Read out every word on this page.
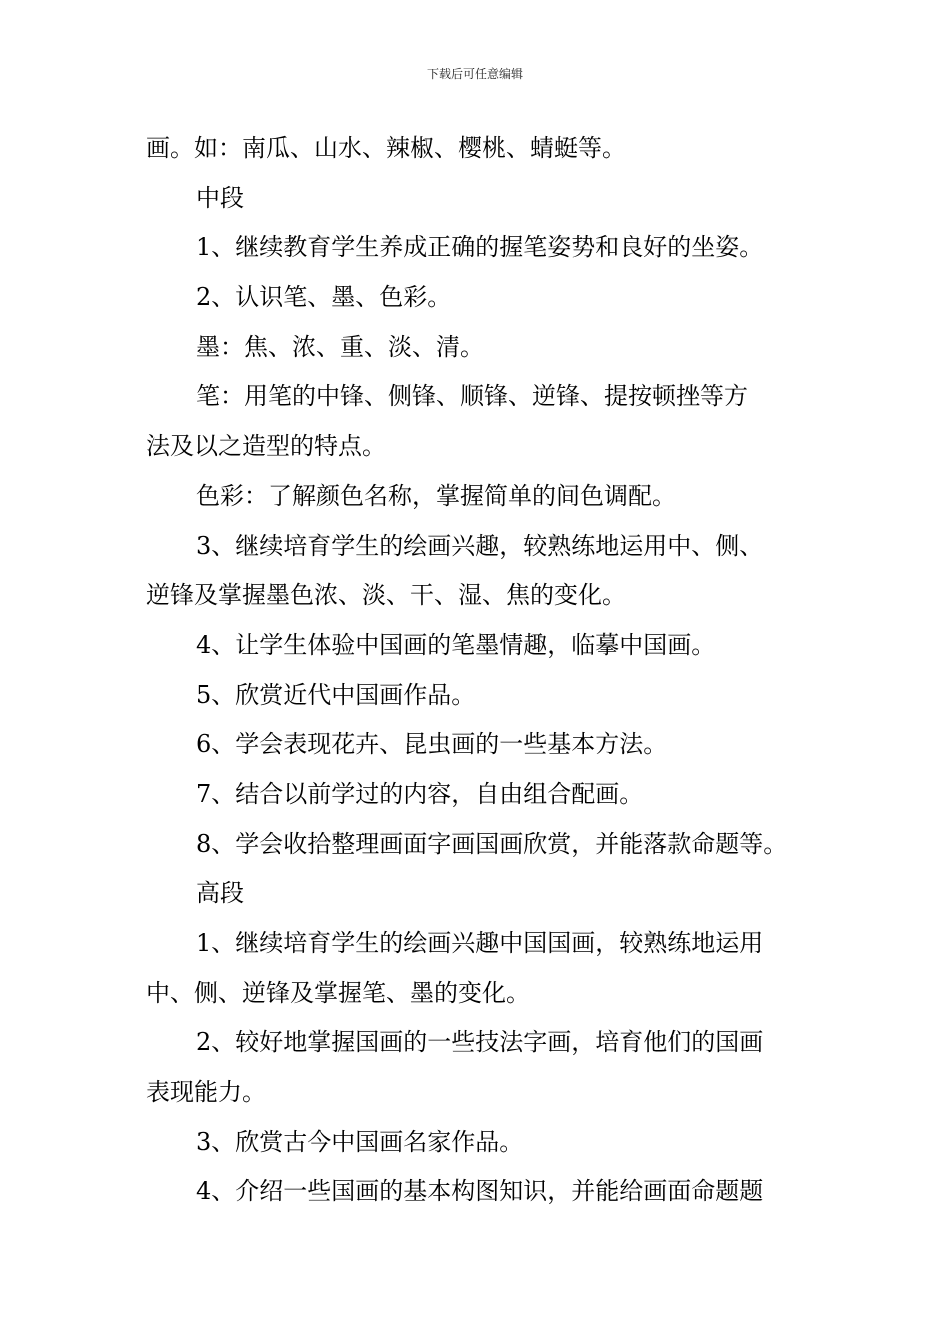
下载后可任意编辑
画。如：南瓜、山水、辣椒、樱桃、蜻蜓等。
中段
1、继续教育学生养成正确的握笔姿势和良好的坐姿。
2、认识笔、墨、色彩。
墨：焦、浓、重、淡、清。
笔：用笔的中锋、侧锋、顺锋、逆锋、提按顿挫等方
法及以之造型的特点。
色彩：了解颜色名称，掌握简单的间色调配。
3、继续培育学生的绘画兴趣，较熟练地运用中、侧、
逆锋及掌握墨色浓、淡、干、湿、焦的变化。
4、让学生体验中国画的笔墨情趣，临摹中国画。
5、欣赏近代中国画作品。
6、学会表现花卉、昆虫画的一些基本方法。
7、结合以前学过的内容，自由组合配画。
8、学会收拾整理画面字画国画欣赏，并能落款命题等。
高段
1、继续培育学生的绘画兴趣中国国画，较熟练地运用
中、侧、逆锋及掌握笔、墨的变化。
2、较好地掌握国画的一些技法字画，培育他们的国画
表现能力。
3、欣赏古今中国画名家作品。
4、介绍一些国画的基本构图知识，并能给画面命题题
